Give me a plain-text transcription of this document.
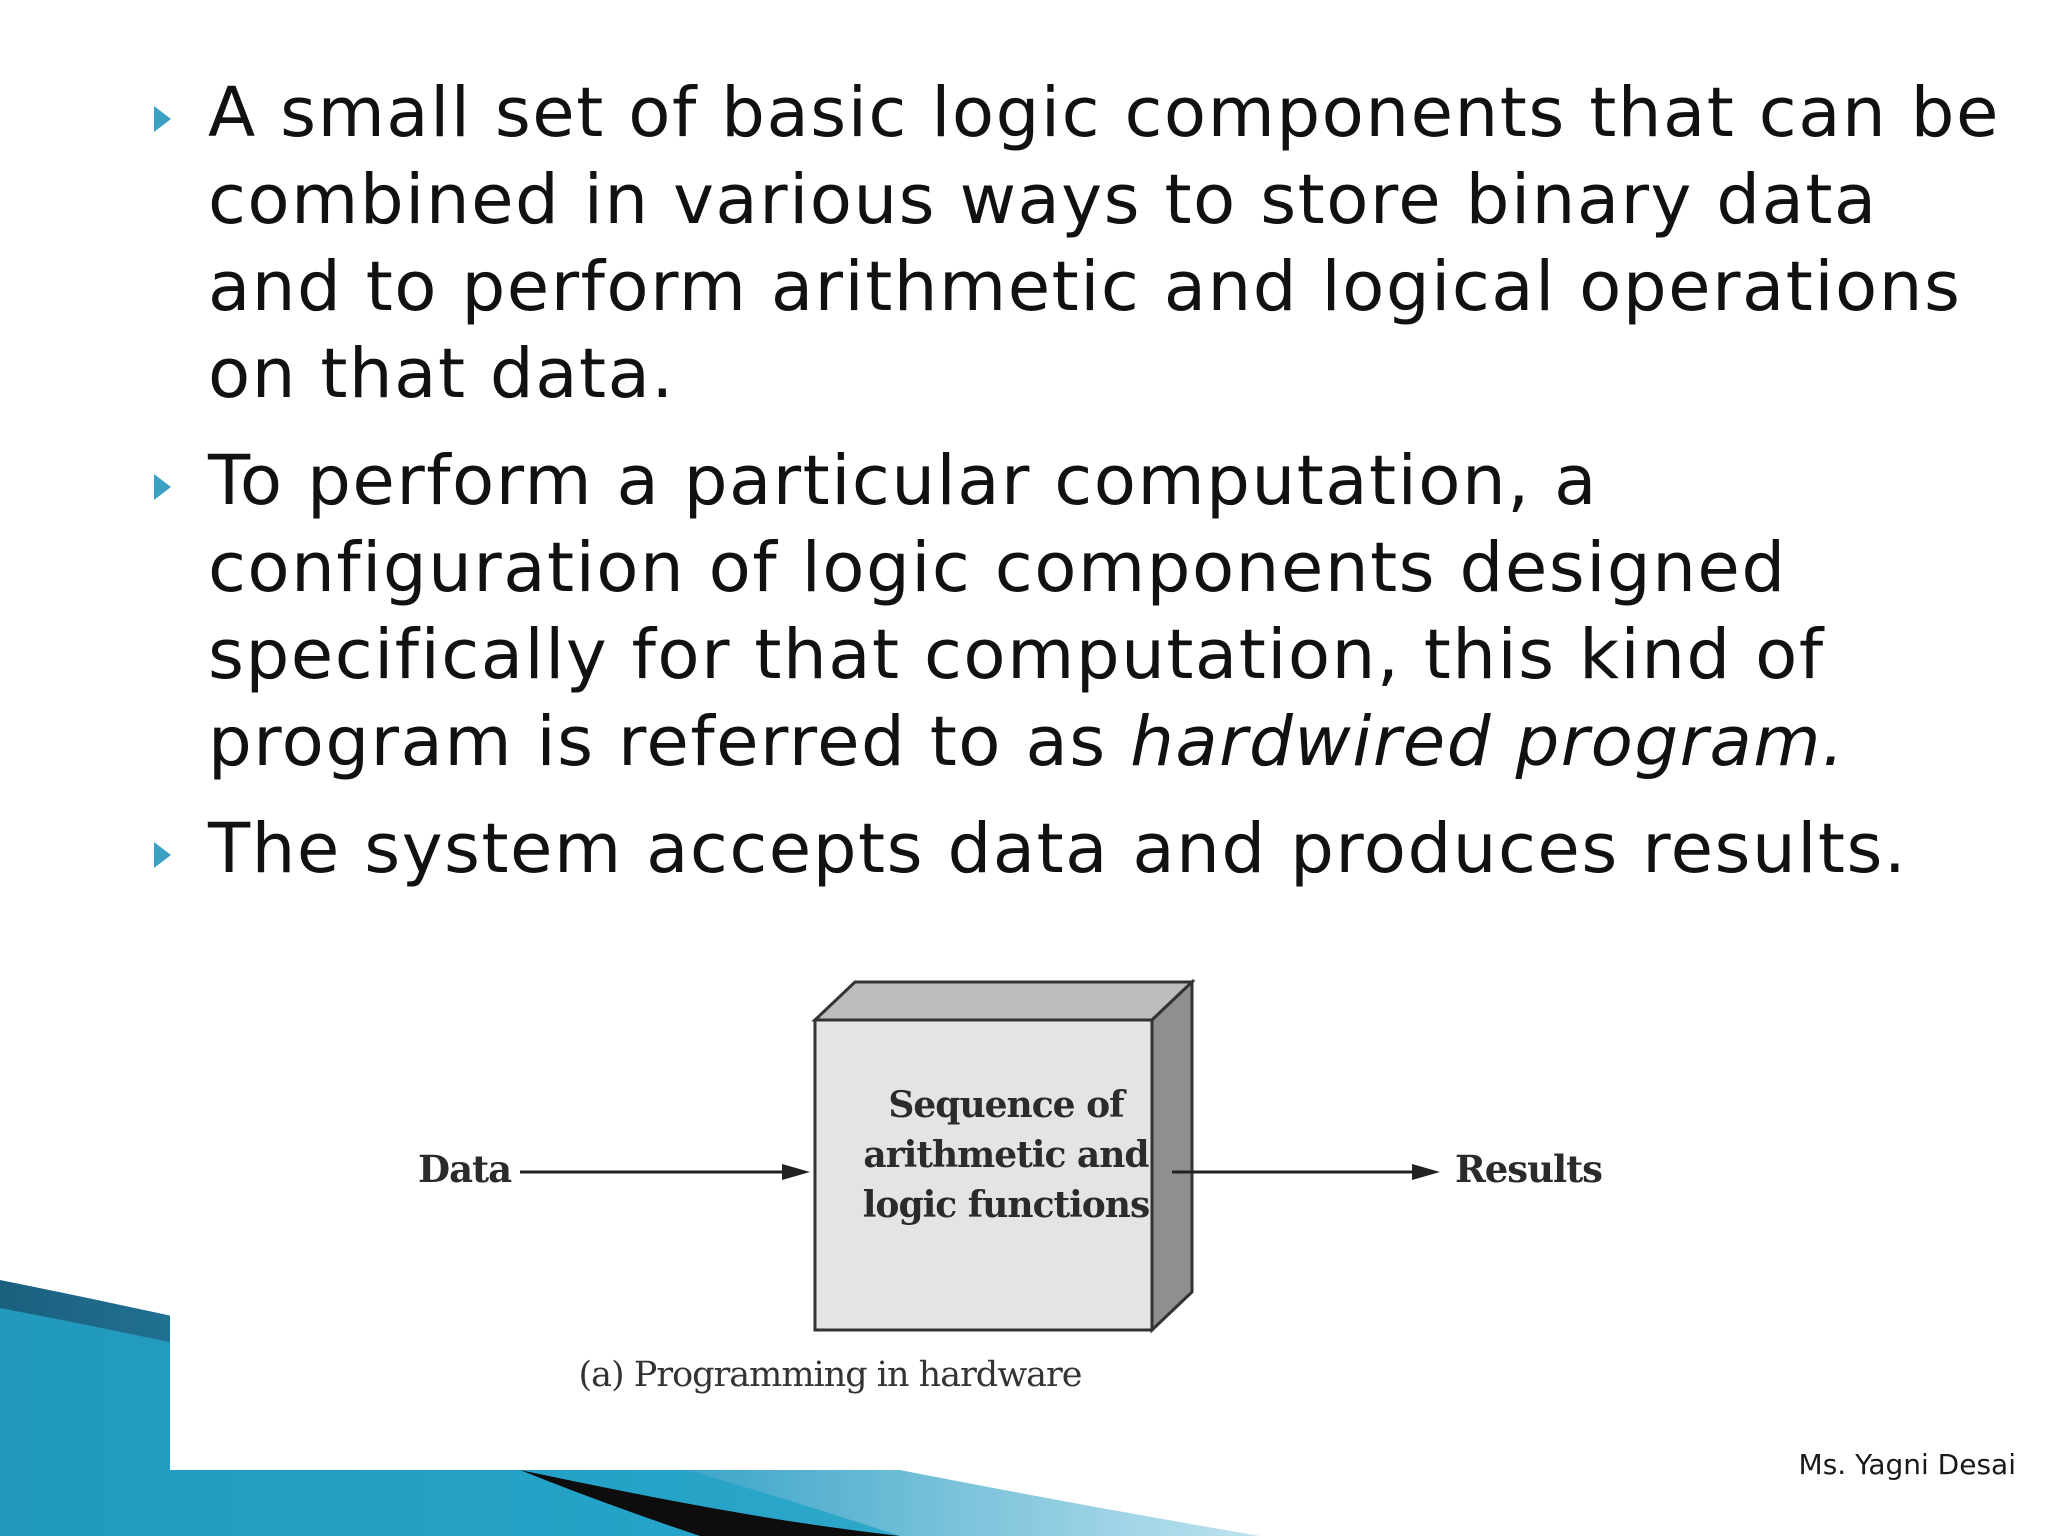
A small set of basic logic components that can be combined in various ways to store binary data and to perform arithmetic and logical operations on that data.
To perform a particular computation, a configuration of logic components designed specifically for that computation, this kind of program is referred to as hardwired program.
The system accepts data and produces results.
Data	Results
Sequence of arithmetic and logic functions
(a) Programming in hardware
Ms. Yagni Desai
